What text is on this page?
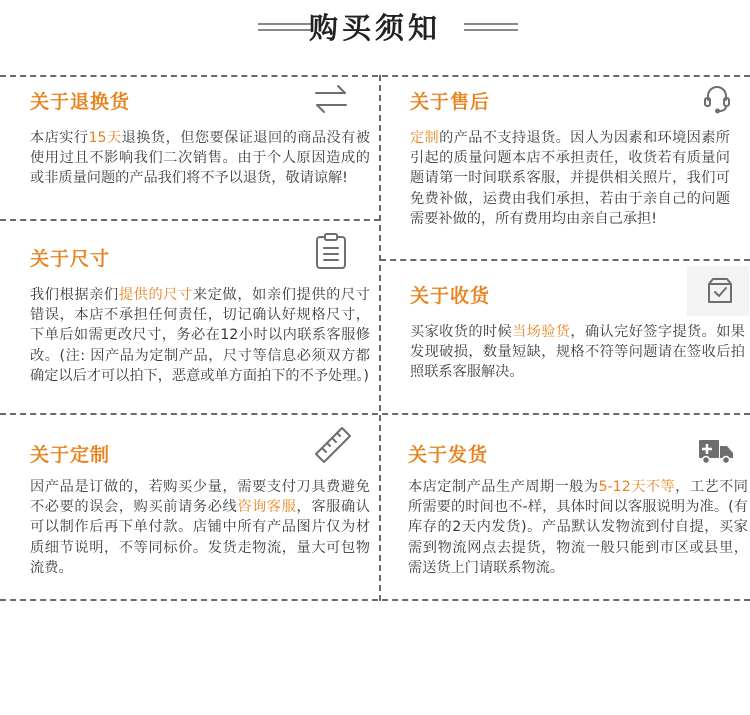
购买须知
关于退换货
本店实行15天退换货，但您要保证退回的商品没有被使用过且不影响我们二次销售。由于个人原因造成的或非质量问题的产品我们将不予以退货，敬请谅解!
关于售后
定制的产品不支持退货。因人为因素和环境因素所引起的质量问题本店不承担责任，收货若有质量问题请第一时间联系客服，并提供相关照片，我们可免费补做，运费由我们承担，若由于亲自己的问题需要补做的，所有费用均由亲自己承担!
关于尺寸
我们根据亲们提供的尺寸来定做，如亲们提供的尺寸错误，本店不承担任何责任，切记确认好规格尺寸，下单后如需更改尺寸，务必在12小时以内联系客服修改。(注: 因产品为定制产品，尺寸等信息必须双方都确定以后才可以拍下，恶意或单方面拍下的不予处理。)
关于收货
买家收货的时候当场验货，确认完好签字提货。如果发现破损，数量短缺，规格不符等问题请在签收后拍照联系客服解决。
关于定制
因产品是订做的，若购买少量，需要支付刀具费避免不必要的误会，购买前请务必线咨询客服，客服确认可以制作后再下单付款。店铺中所有产品图片仅为材质细节说明，不等同标价。发货走物流，量大可包物流费。
关于发货
本店定制产品生产周期一般为5-12天不等，工艺不同所需要的时间也不-样，具体时间以客服说明为准。(有库存的2天内发货)。产品默认发物流到付自提，买家需到物流网点去提货，物流一般只能到市区或县里，需送货上门请联系物流。
